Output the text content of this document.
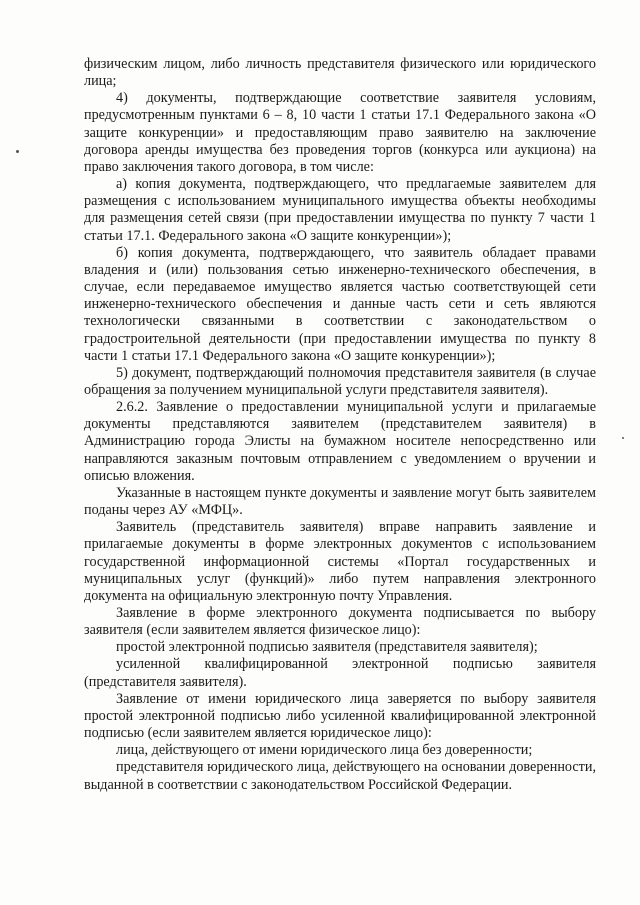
физическим лицом, либо личность представителя физического или юридического лица;

4) документы, подтверждающие соответствие заявителя условиям, предусмотренным пунктами 6 – 8, 10 части 1 статьи 17.1 Федерального закона «О защите конкуренции» и предоставляющим право заявителю на заключение договора аренды имущества без проведения торгов (конкурса или аукциона) на право заключения такого договора, в том числе:

а) копия документа, подтверждающего, что предлагаемые заявителем для размещения с использованием муниципального имущества объекты необходимы для размещения сетей связи (при предоставлении имущества по пункту 7 части 1 статьи 17.1. Федерального закона «О защите конкуренции»);

б) копия документа, подтверждающего, что заявитель обладает правами владения и (или) пользования сетью инженерно-технического обеспечения, в случае, если передаваемое имущество является частью соответствующей сети инженерно-технического обеспечения и данные часть сети и сеть являются технологически связанными в соответствии с законодательством о градостроительной деятельности (при предоставлении имущества по пункту 8 части 1 статьи 17.1 Федерального закона «О защите конкуренции»);

5) документ, подтверждающий полномочия представителя заявителя (в случае обращения за получением муниципальной услуги представителя заявителя).

2.6.2. Заявление о предоставлении муниципальной услуги и прилагаемые документы представляются заявителем (представителем заявителя) в Администрацию города Элисты на бумажном носителе непосредственно или направляются заказным почтовым отправлением с уведомлением о вручении и описью вложения.

Указанные в настоящем пункте документы и заявление могут быть заявителем поданы через АУ «МФЦ».

Заявитель (представитель заявителя) вправе направить заявление и прилагаемые документы в форме электронных документов с использованием государственной информационной системы «Портал государственных и муниципальных услуг (функций)» либо путем направления электронного документа на официальную электронную почту Управления.

Заявление в форме электронного документа подписывается по выбору заявителя (если заявителем является физическое лицо):

простой электронной подписью заявителя (представителя заявителя);

усиленной квалифицированной электронной подписью заявителя (представителя заявителя).

Заявление от имени юридического лица заверяется по выбору заявителя простой электронной подписью либо усиленной квалифицированной электронной подписью (если заявителем является юридическое лицо):

лица, действующего от имени юридического лица без доверенности;

представителя юридического лица, действующего на основании доверенности, выданной в соответствии с законодательством Российской Федерации.
